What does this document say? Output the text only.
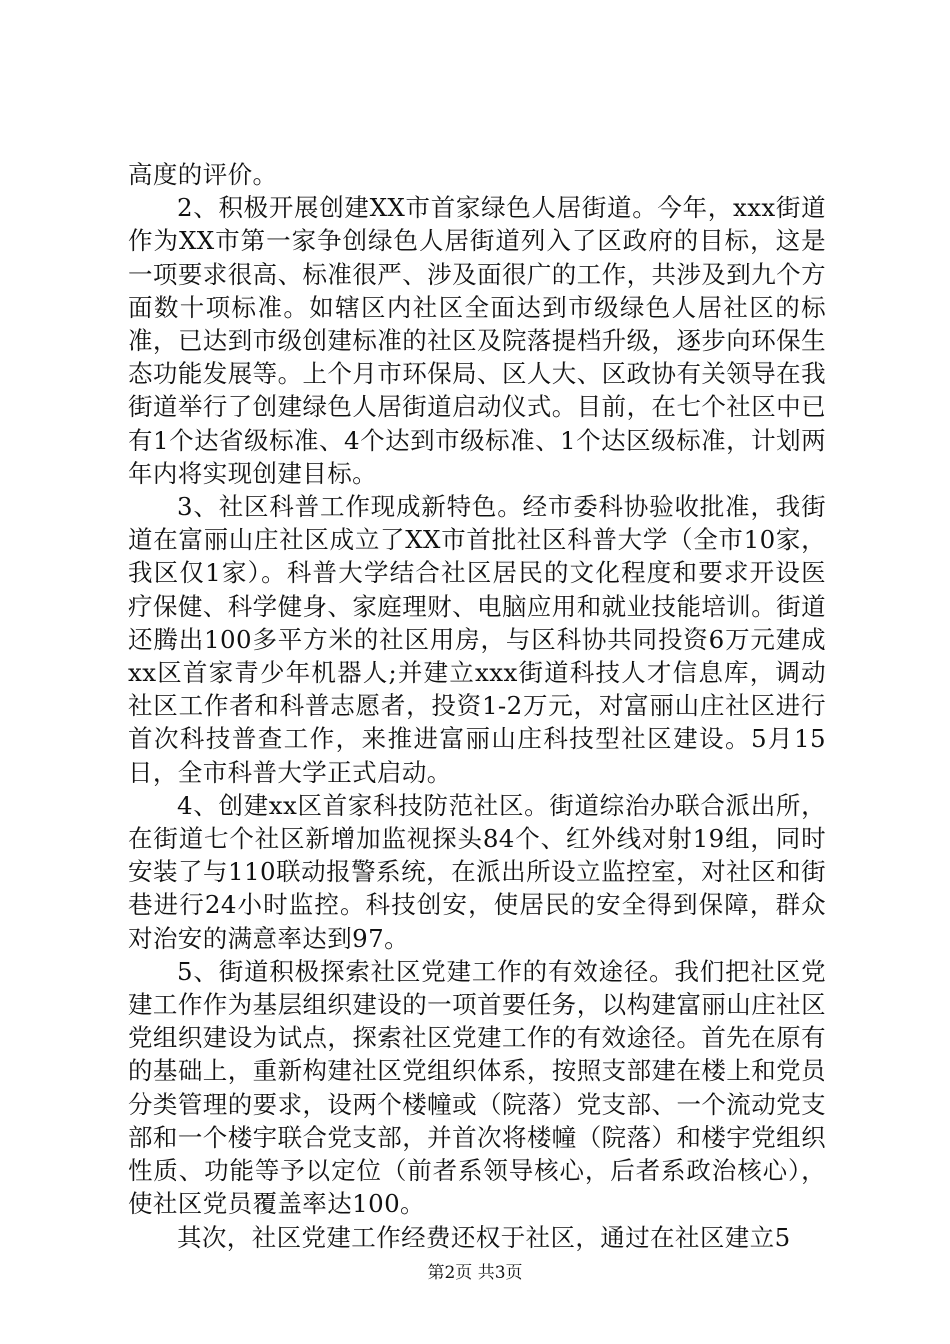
高度的评价。

2、积极开展创建XX市首家绿色人居街道。今年，xxx街道作为XX市第一家争创绿色人居街道列入了区政府的目标，这是一项要求很高、标准很严、涉及面很广的工作，共涉及到九个方面数十项标准。如辖区内社区全面达到市级绿色人居社区的标准，已达到市级创建标准的社区及院落提档升级，逐步向环保生态功能发展等。上个月市环保局、区人大、区政协有关领导在我街道举行了创建绿色人居街道启动仪式。目前，在七个社区中已有1个达省级标准、4个达到市级标准、1个达区级标准，计划两年内将实现创建目标。

3、社区科普工作现成新特色。经市委科协验收批准，我街道在富丽山庄社区成立了XX市首批社区科普大学（全市10家，我区仅1家）。科普大学结合社区居民的文化程度和要求开设医疗保健、科学健身、家庭理财、电脑应用和就业技能培训。街道还腾出100多平方米的社区用房，与区科协共同投资6万元建成xx区首家青少年机器人;并建立xxx街道科技人才信息库，调动社区工作者和科普志愿者，投资1-2万元，对富丽山庄社区进行首次科技普查工作，来推进富丽山庄科技型社区建设。5月15日，全市科普大学正式启动。

4、创建xx区首家科技防范社区。街道综治办联合派出所，在街道七个社区新增加监视探头84个、红外线对射19组，同时安装了与110联动报警系统，在派出所设立监控室，对社区和街巷进行24小时监控。科技创安，使居民的安全得到保障，群众对治安的满意率达到97。

5、街道积极探索社区党建工作的有效途径。我们把社区党建工作作为基层组织建设的一项首要任务，以构建富丽山庄社区党组织建设为试点，探索社区党建工作的有效途径。首先在原有的基础上，重新构建社区党组织体系，按照支部建在楼上和党员分类管理的要求，设两个楼幢或（院落）党支部、一个流动党支部和一个楼宇联合党支部，并首次将楼幢（院落）和楼宇党组织性质、功能等予以定位（前者系领导核心，后者系政治核心），使社区党员覆盖率达100。

其次，社区党建工作经费还权于社区，通过在社区建立5

第2页 共3页
